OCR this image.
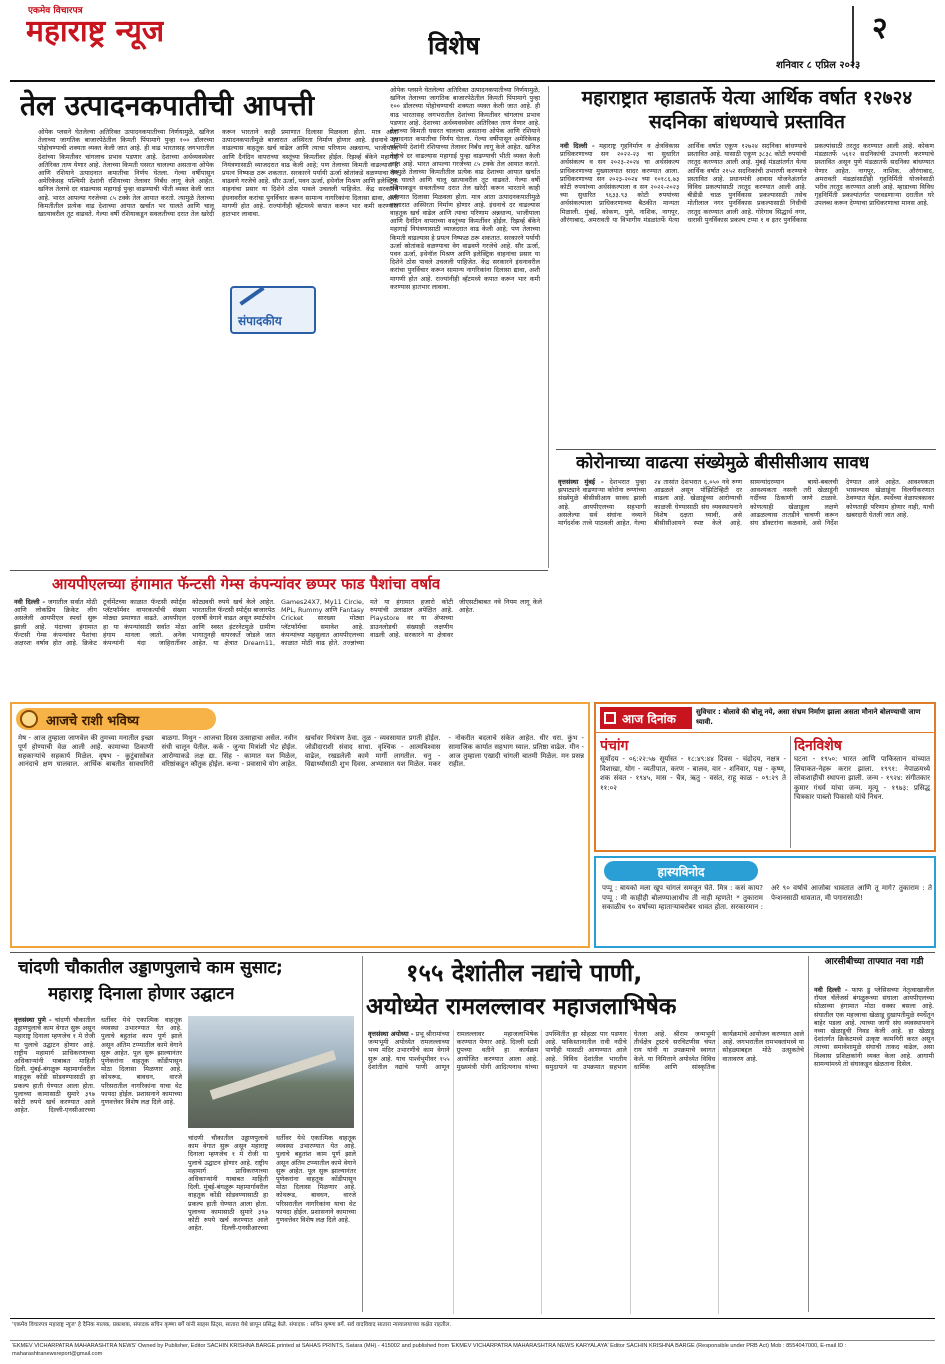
एकमेव विचारपत्र
महाराष्ट्र न्यूज	विशेष	२
शनिवार ८ एप्रिल २०२३
तेल उत्पादनकपातीची आपत्ती
संपादकीय
ओपेक प्लसने घेतलेल्या अतिरिक्त उत्पादनकपातीच्या निर्णयामुळे, खनिज तेलाच्या जागतिक बाजारपेठेतील किमती पिंपामागे पुन्हा १०० डॉलरच्या पोहोचण्याची शक्यता व्यक्त केली जात आहे. ही वाढ भारतासह जगभरातील देशांच्या किमतीवर चांगलाच प्रभाव पडणार आहे. देशाच्या अर्थव्यवस्थेवर अतिरिक्त ताण येणार आहे. तेलाच्या किमती घसरत चालल्या असताना ओपेक आणि रशियाने उत्पादनात कपातीचा निर्णय घेतला. गेल्या वर्षीपासून अमेरिकेसह पश्चिमी देशांनी रशियाच्या तेलावर निर्बंध लागू केले आहेत. खनिज तेलाचे दर वाढल्यास महागाई पुन्हा वाढण्याची भीती व्यक्त केली जात आहे. भारत आपल्या गरजेच्या ८५ टक्के तेल आयात करतो. त्यामुळे तेलाच्या किमतीतील प्रत्येक वाढ देशाच्या आयात खर्चात भर घालते आणि चालू खात्यावरील तूट वाढवते. गेल्या वर्षी रशियाकडून सवलतीच्या दरात तेल खरेदी करून भारताने काही प्रमाणात दिलासा मिळवला होता. मात्र आता उत्पादनकपातीमुळे बाजारात अस्थिरता निर्माण होणार आहे. इंधनाचे दर वाढल्यास वाहतूक खर्च वाढेल आणि त्याचा परिणाम अन्नधान्य, भाजीपाला आणि दैनंदिन वापराच्या वस्तूंच्या किमतींवर होईल. रिझर्व्ह बँकेने महागाई नियंत्रणासाठी व्याजदरात वाढ केली आहे; पण तेलाच्या किमती वाढल्यास हे प्रयत्न निष्फळ ठरू शकतात. सरकारने पर्यायी ऊर्जा स्रोतांकडे वळण्याचा वेग वाढवणे गरजेचे आहे. सौर ऊर्जा, पवन ऊर्जा, इथेनॉल मिश्रण आणि इलेक्ट्रिक वाहनांचा प्रसार या दिशेने ठोस पावले उचलली पाहिजेत. केंद्र सरकारने इंधनावरील करांचा पुनर्विचार करून सामान्य नागरिकांना दिलासा द्यावा, अशी मागणी होत आहे. राज्यांनीही व्हॅटमध्ये कपात करून भार कमी करण्यास हातभार लावावा.
ओपेक प्लसने घेतलेल्या अतिरिक्त उत्पादनकपातीच्या निर्णयामुळे, खनिज तेलाच्या जागतिक बाजारपेठेतील किमती पिंपामागे पुन्हा १०० डॉलरच्या पोहोचण्याची शक्यता व्यक्त केली जात आहे. ही वाढ भारतासह जगभरातील देशांच्या किमतीवर चांगलाच प्रभाव पडणार आहे. देशाच्या अर्थव्यवस्थेवर अतिरिक्त ताण येणार आहे. तेलाच्या किमती घसरत चालल्या असताना ओपेक आणि रशियाने उत्पादनात कपातीचा निर्णय घेतला. गेल्या वर्षीपासून अमेरिकेसह पश्चिमी देशांनी रशियाच्या तेलावर निर्बंध लागू केले आहेत. खनिज तेलाचे दर वाढल्यास महागाई पुन्हा वाढण्याची भीती व्यक्त केली जात आहे. भारत आपल्या गरजेच्या ८५ टक्के तेल आयात करतो. त्यामुळे तेलाच्या किमतीतील प्रत्येक वाढ देशाच्या आयात खर्चात भर घालते आणि चालू खात्यावरील तूट वाढवते. गेल्या वर्षी रशियाकडून सवलतीच्या दरात तेल खरेदी करून भारताने काही प्रमाणात दिलासा मिळवला होता. मात्र आता उत्पादनकपातीमुळे बाजारात अस्थिरता निर्माण होणार आहे. इंधनाचे दर वाढल्यास वाहतूक खर्च वाढेल आणि त्याचा परिणाम अन्नधान्य, भाजीपाला आणि दैनंदिन वापराच्या वस्तूंच्या किमतींवर होईल. रिझर्व्ह बँकेने महागाई नियंत्रणासाठी व्याजदरात वाढ केली आहे; पण तेलाच्या किमती वाढल्यास हे प्रयत्न निष्फळ ठरू शकतात. सरकारने पर्यायी ऊर्जा स्रोतांकडे वळण्याचा वेग वाढवणे गरजेचे आहे. सौर ऊर्जा, पवन ऊर्जा, इथेनॉल मिश्रण आणि इलेक्ट्रिक वाहनांचा प्रसार या दिशेने ठोस पावले उचलली पाहिजेत. केंद्र सरकारने इंधनावरील करांचा पुनर्विचार करून सामान्य नागरिकांना दिलासा द्यावा, अशी मागणी होत आहे. राज्यांनीही व्हॅटमध्ये कपात करून भार कमी करण्यास हातभार लावावा.
महाराष्ट्रात म्हाडातर्फे येत्या आर्थिक वर्षात १२७२४ सदनिका बांधण्याचे प्रस्तावित
नवी दिल्ली - महाराष्ट्र गृहनिर्माण व क्षेत्रविकास प्राधिकरणाच्या सन २०२२-२३ चा सुधारित अर्थसंकल्प व सन २०२३-२०२४ चा अर्थसंकल्प प्राधिकरणाच्या मुख्यालयात सादर करण्यात आला. प्राधिकरणाच्या सन २०२३-२०२४ च्या १०१८६.७३ कोटी रुपयांच्या अर्थसंकल्पाला व सन २०२२-२०२३ च्या सुधारित ९६३३.९३ कोटी रुपयांच्या अर्थसंकल्पाला प्राधिकरणाच्या बैठकीत मान्यता मिळाली. मुंबई, कोकण, पुणे, नाशिक, नागपूर, औरंगाबाद, अमरावती या विभागीय मंडळांतर्फे येत्या आर्थिक वर्षात एकूण १२७२४ सदनिका बांधण्याचे प्रस्तावित आहे. यासाठी एकूण ३८३८ कोटी रुपयांची तरतूद करण्यात आली आहे. मुंबई मंडळांतर्गत येत्या आर्थिक वर्षात २१५२ सदनिकांची उभारणी करण्याचे प्रस्तावित आहे. प्रधानमंत्री आवास योजनेअंतर्गत विविध प्रकल्पांसाठी तरतूद करण्यात आली आहे. बीडीडी चाळ पुनर्विकास प्रकल्पासाठी तसेच मोतीलाल नगर पुनर्विकास प्रकल्पासाठी निधीची तरतूद करण्यात आली आहे. गोरेगाव सिद्धार्थ नगर, धारावी पुनर्विकास प्रकल्प टप्पा १ व इतर पुनर्विकास प्रकल्पांसाठी तरतूद करण्यात आली आहे. कोकण मंडळातर्फे ५६१२ सदनिकांची उभारणी करण्याचे प्रस्तावित असून पुणे मंडळातर्फे सदनिका बांधण्यात येणार आहेत. नागपूर, नाशिक, औरंगाबाद, अमरावती मंडळांसाठीही गृहनिर्मिती योजनेसाठी भरीव तरतूद करण्यात आली आहे. म्हाडाच्या विविध गृहनिर्मिती प्रकल्पांतर्गत परवडणाऱ्या दरातील घरे उपलब्ध करून देण्याचा प्राधिकरणाचा मानस आहे.
कोरोनाच्या वाढत्या संख्येमुळे बीसीसीआय सावध
वृत्तसंस्था मुंबई - देशभरात पुन्हा झपाट्याने वाढणाऱ्या कोरोना रुग्णांच्या संख्येमुळे बीसीसीआय सावध झाली आहे. आयपीएलच्या सहभागी असलेल्या सर्व संघांना नव्याने मार्गदर्शक तत्त्वे पाठवली आहेत. गेल्या २४ तासांत देशभरात ६,०५० नवे रुग्ण आढळले असून पॉझिटिव्हिटी दर वाढला आहे. खेळाडूंच्या आरोग्याची काळजी घेण्यासाठी संघ व्यवस्थापनाने विशेष दक्षता घ्यावी, असे बीसीसीआयने स्पष्ट केले आहे. सामन्यांदरम्यान बायो-बबलची आवश्यकता नसली तरी खेळाडूंनी गर्दीच्या ठिकाणी जाणे टाळावे. कोणत्याही खेळाडूला लक्षणे आढळल्यास तातडीने चाचणी करून संघ डॉक्टरांना कळवावे, असे निर्देश देण्यात आले आहेत. आवश्यकता भासल्यास खेळाडूंना विलगीकरणात ठेवण्यात येईल. स्पर्धेच्या वेळापत्रकावर कोणताही परिणाम होणार नाही, याची खबरदारी घेतली जात आहे.
आयपीएलच्या हंगामात फॅन्टसी गेम्स कंपन्यांवर छप्पर फाड पैशांचा वर्षाव
नवी दिल्ली - जगातील सर्वात मोठी आणि लोकप्रिय क्रिकेट लीग असलेली आयपीएल स्पर्धा सुरू झाली आहे. यंदाच्या हंगामात फॅन्टसी गेम्स कंपन्यांवर पैशांचा अक्षरशः वर्षाव होत आहे. क्रिकेट टूर्नामेंटच्या काळात फॅन्टसी स्पोर्ट्स प्लॅटफॉर्मवर वापरकर्त्यांची संख्या मोठ्या प्रमाणात वाढते. आयपीएल हा या कंपन्यांसाठी सर्वात मोठा हंगाम मानला जातो. अनेक कंपन्यांनी यंदा जाहिरातींवर कोट्यवधी रुपये खर्च केले आहेत. भारतातील फॅन्टसी स्पोर्ट्स बाजारपेठ दरवर्षी वेगाने वाढत असून स्मार्टफोन आणि स्वस्त इंटरनेटमुळे ग्रामीण भागातूनही वापरकर्ते जोडले जात आहेत. या क्षेत्रात Dream11, Games24X7, My11 Circle, MPL, Rummy आणि Fantasy Cricket सारख्या मोठ्या प्लॅटफॉर्मचा समावेश आहे. कंपन्यांच्या महसुलात आयपीएलच्या काळात मोठी वाढ होते. तज्ज्ञांच्या मते या हंगामात हजारो कोटी रुपयांची उलाढाल अपेक्षित आहे. Playstore वर या ॲप्सच्या डाउनलोडची संख्याही लक्षणीय वाढली आहे. सरकारने या क्षेत्रावर जीएसटीबाबत नवे नियम लागू केले आहेत.
आजचे राशी भविष्य
मेष - आज तुम्हाला जाणवेल की तुमच्या मनातील इच्छा पूर्ण होण्याची वेळ आली आहे. कामाच्या ठिकाणी सहकाऱ्यांचे सहकार्य मिळेल. वृषभ - कुटुंबासोबत आनंदाचे क्षण घालवाल. आर्थिक बाबतीत सावधगिरी बाळगा. मिथुन - आजचा दिवस उत्साहाचा असेल. नवीन संधी चालून येतील. कर्क - जुन्या मित्रांशी भेट होईल. आरोग्याकडे लक्ष द्या. सिंह - कामात यश मिळेल, वरिष्ठांकडून कौतुक होईल. कन्या - प्रवासाचे योग आहेत. खर्चावर नियंत्रण ठेवा. तूळ - व्यवसायात प्रगती होईल. जोडीदाराशी संवाद साधा. वृश्चिक - आत्मविश्वास वाढेल, रखडलेली कामे मार्गी लागतील. धनु - विद्यार्थ्यांसाठी शुभ दिवस. अभ्यासात यश मिळेल. मकर - नोकरीत बदलाचे संकेत आहेत. धीर धरा. कुंभ - सामाजिक कार्यात सहभाग घ्याल. प्रतिष्ठा वाढेल. मीन - आज तुम्हाला एखादी चांगली बातमी मिळेल. मन प्रसन्न राहील.
आज दिनांक	सुविचार : बोलावे की बोलू नये, असा संभ्रम निर्माण झाला असता मौनाने बोलण्याची जाण ध्यावी.
पंचांग
सूर्योदय - ०६:२२:५७ सूर्यास्त - १८:४९:४४ दिवस - चंद्रोदय, नक्षत्र - विशाखा, योग - व्यतीपात, करण - बालव, वार - शनिवार, पक्ष - कृष्ण, शक संवत - १९४५, मास - चैत्र, ऋतु - वसंत, राहू काळ - ०९:२९ ते ११:०२
दिनविशेष
घटना - १९५०: भारत आणि पाकिस्तान यांच्यात लियाकत-नेहरू करार झाला. १९९१: नेपाळमध्ये लोकशाहीची स्थापना झाली. जन्म - १९२४: संगीतकार कुमार गंधर्व यांचा जन्म. मृत्यू - १९७३: प्रसिद्ध चित्रकार पाब्लो पिकासो यांचे निधन.
हास्यविनोद
पप्पू : बायको मला खूप चांगलं समजून घेते. मित्र : कसं काय? पप्पू : मी काहीही बोलण्याआधीच ती नाही म्हणते! * तुकाराम सकाळीच ९० वर्षांच्या म्हाताऱ्याबरोबर धावत होता. सरकारमान : अरे ९० वर्षाचे आजोबा धावतात आणि तू मागे? तुकाराम : ते पेन्शनसाठी धावतात, मी पगारासाठी!
चांदणी चौकातील उड्डाणपुलाचे काम सुसाट;
महाराष्ट्र दिनाला होणार उद्घाटन
वृत्तसंस्था पुणे - चांदणी चौकातील उड्डाणपुलाचे काम वेगात सुरू असून महाराष्ट्र दिनाला म्हणजेच १ मे रोजी या पुलाचे उद्घाटन होणार आहे. राष्ट्रीय महामार्ग प्राधिकरणाच्या अधिकाऱ्यांनी याबाबत माहिती दिली. मुंबई-बंगळुरू महामार्गावरील वाहतूक कोंडी सोडवण्यासाठी हा प्रकल्प हाती घेण्यात आला होता. पुलाच्या कामासाठी सुमारे ३९७ कोटी रुपये खर्च करण्यात आले आहेत. दिल्ली-एनसीआरच्या धर्तीवर येथे एकात्मिक वाहतूक व्यवस्था उभारण्यात येत आहे. पुलाचे बहुतांश काम पूर्ण झाले असून अंतिम टप्प्यातील कामे वेगाने सुरू आहेत. पूल सुरू झाल्यानंतर पुणेकरांना वाहतूक कोंडीपासून मोठा दिलासा मिळणार आहे. कोथरूड, बावधन, वारजे परिसरातील नागरिकांना याचा थेट फायदा होईल. प्रशासनाने कामाच्या गुणवत्तेवर विशेष लक्ष दिले आहे.
चांदणी चौकातील उड्डाणपुलाचे काम वेगात सुरू असून महाराष्ट्र दिनाला म्हणजेच १ मे रोजी या पुलाचे उद्घाटन होणार आहे. राष्ट्रीय महामार्ग प्राधिकरणाच्या अधिकाऱ्यांनी याबाबत माहिती दिली. मुंबई-बंगळुरू महामार्गावरील वाहतूक कोंडी सोडवण्यासाठी हा प्रकल्प हाती घेण्यात आला होता. पुलाच्या कामासाठी सुमारे ३९७ कोटी रुपये खर्च करण्यात आले आहेत. दिल्ली-एनसीआरच्या धर्तीवर येथे एकात्मिक वाहतूक व्यवस्था उभारण्यात येत आहे. पुलाचे बहुतांश काम पूर्ण झाले असून अंतिम टप्प्यातील कामे वेगाने सुरू आहेत. पूल सुरू झाल्यानंतर पुणेकरांना वाहतूक कोंडीपासून मोठा दिलासा मिळणार आहे. कोथरूड, बावधन, वारजे परिसरातील नागरिकांना याचा थेट फायदा होईल. प्रशासनाने कामाच्या गुणवत्तेवर विशेष लक्ष दिले आहे.
१५५ देशांतील नद्यांचे पाणी,
अयोध्येत रामलल्लावर महाजलाभिषेक
वृत्तसंस्था अयोध्या - प्रभू श्रीरामांच्या जन्मभूमी अयोध्येत रामलल्लाच्या भव्य मंदिर उभारणीचे काम वेगाने सुरू आहे. याच पार्श्वभूमीवर १५५ देशांतील नद्यांचे पाणी आणून रामलल्लावर महाजलाभिषेक करण्यात येणार आहे. दिल्ली स्टडी ग्रुपच्या वतीने हा कार्यक्रम आयोजित करण्यात आला आहे. मुख्यमंत्री योगी आदित्यनाथ यांच्या उपस्थितीत हा सोहळा पार पडणार आहे. पाकिस्तानातील रावी नदीचे पाणीही यासाठी आणण्यात आले आहे. विविध देशांतील भारतीय समुदायाने या उपक्रमात सहभाग घेतला आहे. श्रीराम जन्मभूमी तीर्थक्षेत्र ट्रस्टचे सरचिटणीस चंपत राय यांनी या उपक्रमाचे स्वागत केले. या निमित्ताने अयोध्येत विविध धार्मिक आणि सांस्कृतिक कार्यक्रमांचे आयोजन करण्यात आले आहे. जगभरातील रामभक्तांमध्ये या सोहळ्याबद्दल मोठे उत्सुकतेचे वातावरण आहे.
आरसीबीच्या ताफ्यात नवा गडी
नवी दिल्ली - फाफ डु प्लेसिसच्या नेतृत्वाखालील रॉयल चॅलेंजर्स बंगळुरूच्या संघाला आयपीएलच्या सोळाव्या हंगामात मोठा धक्का बसला आहे. संघातील एक महत्त्वाचा खेळाडू दुखापतीमुळे स्पर्धेतून बाहेर पडला आहे. त्याच्या जागी संघ व्यवस्थापनाने नव्या खेळाडूची निवड केली आहे. हा खेळाडू देशांतर्गत क्रिकेटमध्ये उत्कृष्ट कामगिरी करत असून त्याच्या समावेशामुळे संघाची ताकद वाढेल, असा विश्वास प्रशिक्षकांनी व्यक्त केला आहे. आगामी सामन्यांमध्ये तो संघाकडून खेळताना दिसेल.
'एकमेव विचारपत्र महाराष्ट्र न्यूज' हे दैनिक मालक, प्रकाशक, संपादक सचिन कृष्णा बर्गे यांनी साहस प्रिंट्स, सातारा येथे छापून प्रसिद्ध केले. संपादक : सचिन कृष्णा बर्गे. सर्व वादविवाद सातारा न्यायालयाच्या कक्षेत राहतील.
'EKMEV VICHARPATRA MAHARASHTRA NEWS' Owned by Publisher, Editor SACHIN KRISHNA BARGE printed at SAHAS PRINTS, Satara (MH) - 415002 and published from 'EKMEV VICHARPATRA MAHARASHTRA NEWS KARYALAYA' Editor SACHIN KRISHNA BARGE (Responsible under PRB Act) Mob : 8554047000, E-mail ID : maharashtranewsreport@gmail.com
